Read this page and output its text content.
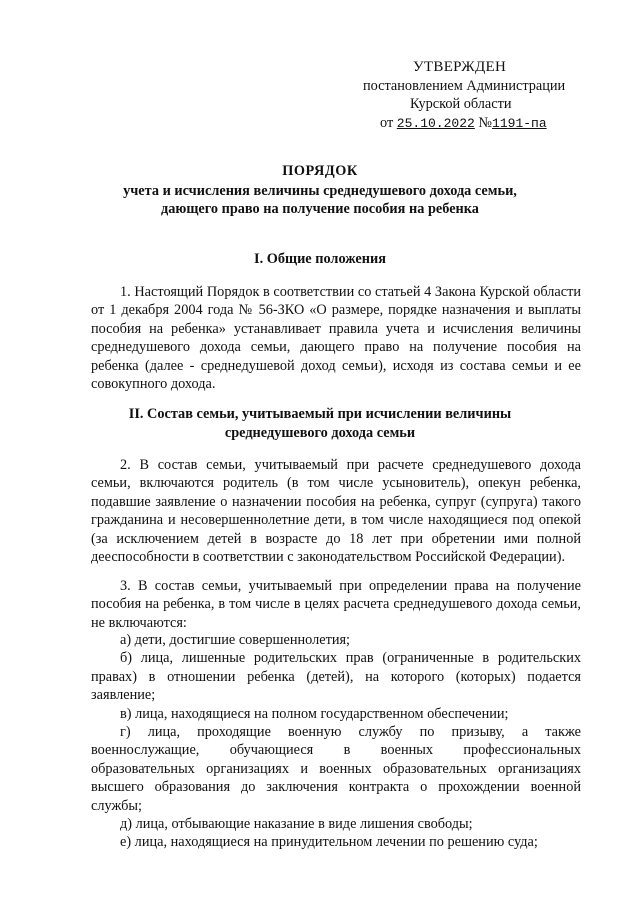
УТВЕРЖДЕН
постановлением Администрации
Курской области
от 25.10.2022 №1191-па
ПОРЯДОК
учета и исчисления величины среднедушевого дохода семьи,
дающего право на получение пособия на ребенка
I. Общие положения

1. Настоящий Порядок в соответствии со статьей 4 Закона Курской области от 1 декабря 2004 года № 56-ЗКО «О размере, порядке назначения и выплаты пособия на ребенка» устанавливает правила учета и исчисления величины среднедушевого дохода семьи, дающего право на получение пособия на ребенка (далее - среднедушевой доход семьи), исходя из состава семьи и ее совокупного дохода.

II. Состав семьи, учитываемый при исчислении величины
среднедушевого дохода семьи

2. В состав семьи, учитываемый при расчете среднедушевого дохода семьи, включаются родитель (в том числе усыновитель), опекун ребенка, подавшие заявление о назначении пособия на ребенка, супруг (супруга) такого гражданина и несовершеннолетние дети, в том числе находящиеся под опекой (за исключением детей в возрасте до 18 лет при обретении ими полной дееспособности в соответствии с законодательством Российской Федерации).

3. В состав семьи, учитываемый при определении права на получение пособия на ребенка, в том числе в целях расчета среднедушевого дохода семьи, не включаются:

а) дети, достигшие совершеннолетия;

б) лица, лишенные родительских прав (ограниченные в родительских правах) в отношении ребенка (детей), на которого (которых) подается заявление;

в) лица, находящиеся на полном государственном обеспечении;

г) лица, проходящие военную службу по призыву, а также военнослужащие, обучающиеся в военных профессиональных образовательных организациях и военных образовательных организациях высшего образования до заключения контракта о прохождении военной службы;

д) лица, отбывающие наказание в виде лишения свободы;

е) лица, находящиеся на принудительном лечении по решению суда;
